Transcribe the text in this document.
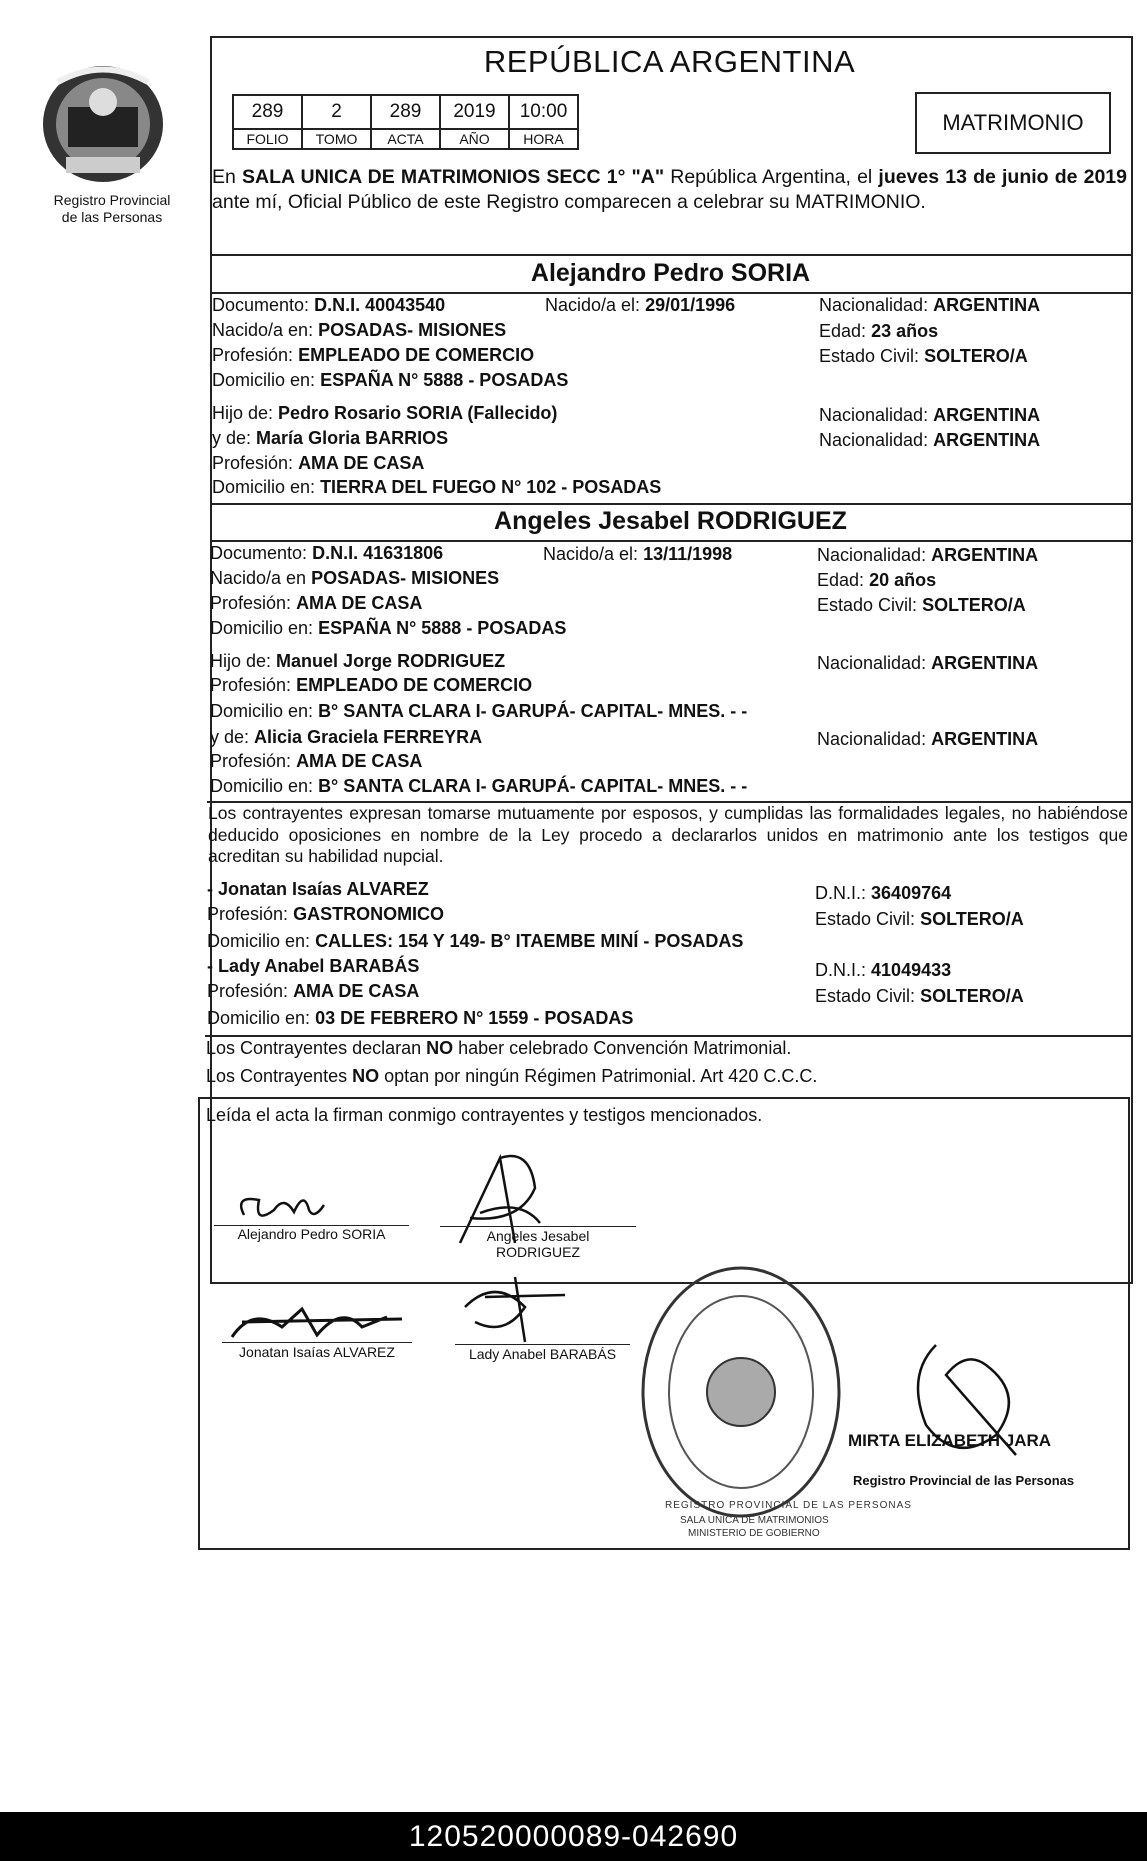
Registro Provincial
de las Personas
REPÚBLICA ARGENTINA
289	2	289	2019	10:00
FOLIO	TOMO	ACTA	AÑO	HORA
MATRIMONIO
En SALA UNICA DE MATRIMONIOS SECC 1° "A" República Argentina, el jueves 13 de junio de 2019 ante mí, Oficial Público de este Registro comparecen a celebrar su MATRIMONIO.
Alejandro Pedro SORIA
Documento: D.N.I. 40043540	Nacido/a el: 29/01/1996	Nacionalidad: ARGENTINA
Nacido/a en: POSADAS- MISIONES	Edad: 23 años
Profesión: EMPLEADO DE COMERCIO	Estado Civil: SOLTERO/A
Domicilio en: ESPAÑA N° 5888 - POSADAS
Hijo de: Pedro Rosario SORIA (Fallecido)	Nacionalidad: ARGENTINA
y de: María Gloria BARRIOS	Nacionalidad: ARGENTINA
Profesión: AMA DE CASA
Domicilio en: TIERRA DEL FUEGO N° 102 - POSADAS
Angeles Jesabel RODRIGUEZ
Documento: D.N.I. 41631806	Nacido/a el: 13/11/1998	Nacionalidad: ARGENTINA
Nacido/a en POSADAS- MISIONES	Edad: 20 años
Profesión: AMA DE CASA	Estado Civil: SOLTERO/A
Domicilio en: ESPAÑA N° 5888 - POSADAS
Hijo de: Manuel Jorge RODRIGUEZ	Nacionalidad: ARGENTINA
Profesión: EMPLEADO DE COMERCIO
Domicilio en: B° SANTA CLARA I- GARUPÁ- CAPITAL- MNES. - -
y de: Alicia Graciela FERREYRA	Nacionalidad: ARGENTINA
Profesión: AMA DE CASA
Domicilio en: B° SANTA CLARA I- GARUPÁ- CAPITAL- MNES. - -
Los contrayentes expresan tomarse mutuamente por esposos, y cumplidas las formalidades legales, no habiéndose deducido oposiciones en nombre de la Ley procedo a declararlos unidos en matrimonio ante los testigos que acreditan su habilidad nupcial.
- Jonatan Isaías ALVAREZ	D.N.I.: 36409764
Profesión: GASTRONOMICO	Estado Civil: SOLTERO/A
Domicilio en: CALLES: 154 Y 149- B° ITAEMBE MINÍ - POSADAS
- Lady Anabel BARABÁS	D.N.I.: 41049433
Profesión: AMA DE CASA	Estado Civil: SOLTERO/A
Domicilio en: 03 DE FEBRERO N° 1559 - POSADAS
Los Contrayentes declaran NO haber celebrado Convención Matrimonial.
Los Contrayentes NO optan por ningún Régimen Patrimonial. Art 420 C.C.C.
Leída el acta la firman conmigo contrayentes y testigos mencionados.
Alejandro Pedro SORIA	Angeles Jesabel
RODRIGUEZ
Jonatan Isaías ALVAREZ	Lady Anabel BARABÁS
REGISTRO PROVINCIAL DE LAS PERSONAS
SALA UNICA DE MATRIMONIOS
MINISTERIO DE GOBIERNO
MIRTA ELIZABETH JARA
Registro Provincial de las Personas
120520000089-042690
